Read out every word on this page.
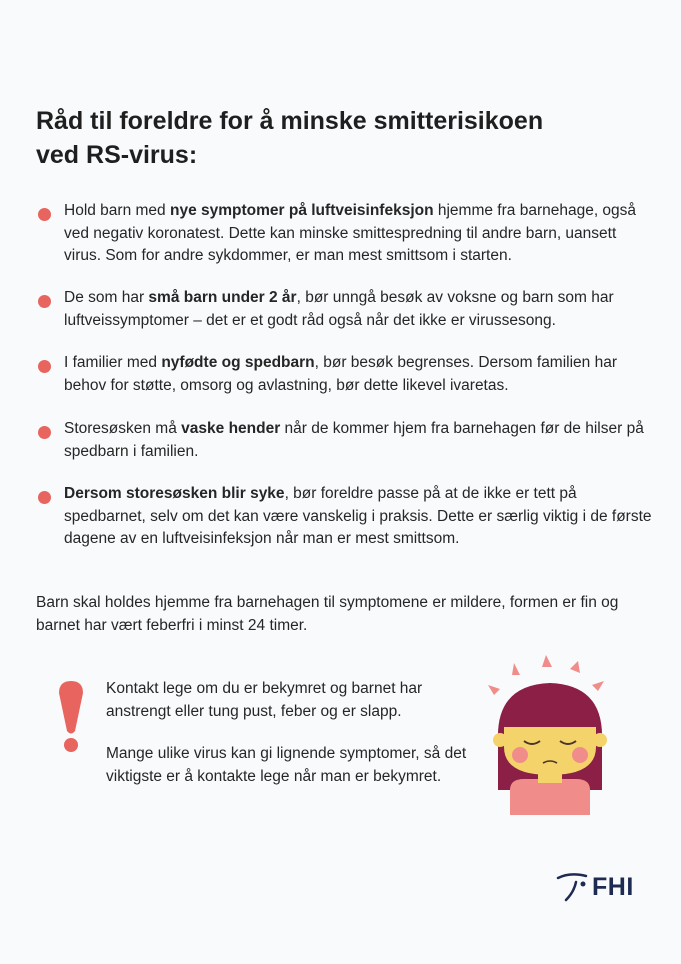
Råd til foreldre for å minske smitterisikoen
ved RS-virus:
Hold barn med nye symptomer på luftveisinfeksjon hjemme fra barnehage, også ved negativ koronatest. Dette kan minske smittespredning til andre barn, uansett virus. Som for andre sykdommer, er man mest smittsom i starten.
De som har små barn under 2 år, bør unngå besøk av voksne og barn som har luftveissymptomer – det er et godt råd også når det ikke er virussesong.
I familier med nyfødte og spedbarn, bør besøk begrenses. Dersom familien har behov for støtte, omsorg og avlastning, bør dette likevel ivaretas.
Storesøsken må vaske hender når de kommer hjem fra barnehagen før de hilser på spedbarn i familien.
Dersom storesøsken blir syke, bør foreldre passe på at de ikke er tett på spedbarnet, selv om det kan være vanskelig i praksis. Dette er særlig viktig i de første dagene av en luftveisinfeksjon når man er mest smittsom.

Barn skal holdes hjemme fra barnehagen til symptomene er mildere, formen er fin og barnet har vært feberfri i minst 24 timer.

Kontakt lege om du er bekymret og barnet har anstrengt eller tung pust, feber og er slapp.

Mange ulike virus kan gi lignende symptomer, så det viktigste er å kontakte lege når man er bekymret.

FHI
